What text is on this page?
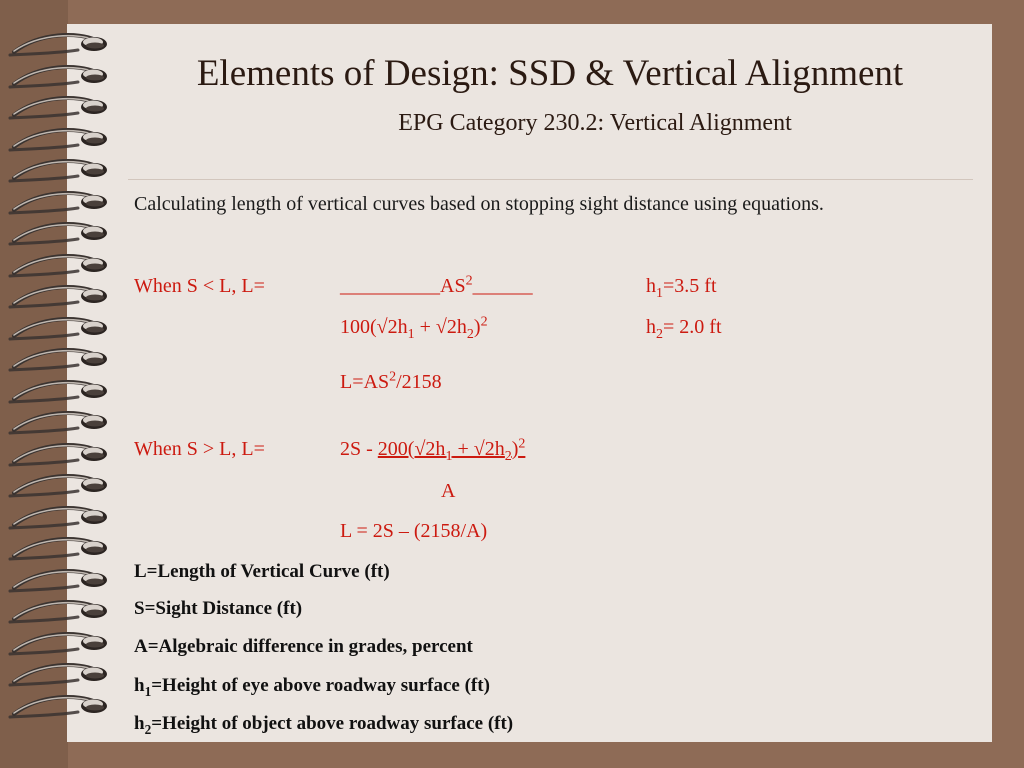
Elements of Design: SSD & Vertical Alignment
EPG Category 230.2: Vertical Alignment
Calculating length of vertical curves based on stopping sight distance using equations.
When S < L, L=	$\_\_\_\_\_\_\_\_\_\_AS^2\_\_\_\_\_\_$
$100(√2h_1 + √2h_2)^2$
$h_1=3.5$ ft
$h_2= 2.0$ ft
$L=AS^2/2158$
When S > L, L=	$2S - 200(√2h_1 + √2h_2)^2$
A
L = 2S – (2158/A)
L=Length of Vertical Curve (ft)
S=Sight Distance (ft)
A=Algebraic difference in grades, percent
$h_1=Height$ of eye above roadway surface (ft)
$h_2=Height$ of object above roadway surface (ft)
